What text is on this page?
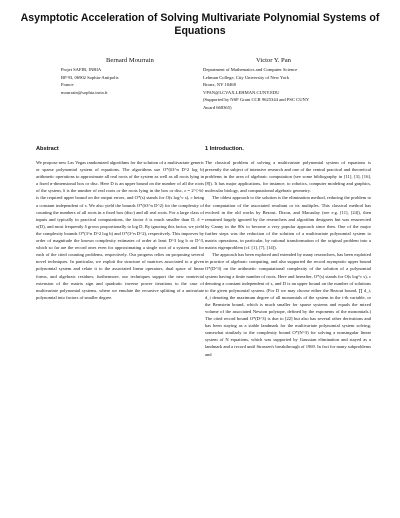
Asymptotic Acceleration of Solving Multivariate Polynomial Systems of Equations
Bernard Mourrain
Projet SAFIR, INRIA
BP 93, 06902 Sophia-Antipolis
France
mourrain@sophia.inria.fr
Victor Y. Pan
Department of Mathematics and Computer Science
Lehman College, City University of New York
Bronx, NY 10468
VPAN@LCVAX.LEHMAN.CUNY.EDU
(Supported by NSF Grant CCR 9625344 and PSC CUNY
Award 668365)
Abstract

We propose new Las Vegas randomized algorithms for the solution of a multivariate generic or sparse polynomial system of equations. The algorithms use O*(δ3^n D^2 log b) arithmetic operations to approximate all real roots of the system as well as all roots lying in a fixed n-dimensional box or disc. Here D is an upper bound on the number of all the roots of the system, δ is the number of real roots or the roots lying in the box or disc, ε = 2^{-b} is the required upper bound on the output errors, and O*(s) stands for O(s log^c s), c being a constant independent of s. We also yield the bounds O*(δ3^n D^2) for the complexity of counting the numbers of all roots in a fixed box (disc) and all real roots. For a large class of inputs and typically in practical computations, the factor δ is much smaller than D, δ = o(D), and most frequently δ grows proportionally to log D. By ignoring this factor, we yield the complexity bounds O*(3^n D^2 log b) and O*(3^n D^2), respectively. This improves by order of magnitude the known complexity estimates of order at least D^3 log b or D^3, which so far are the record ones even for approximating a single root of a system and for each of the cited counting problems, respectively. Our progress relies on proposing several novel techniques. In particular, we exploit the structure of matrices associated to a given polynomial system and relate it to the associated linear operators, dual space of linear forms, and algebraic residues; furthermore, our techniques support the new nontrivial extension of the matrix sign and quadratic inverse power iterations to the case of multivariate polynomial systems, where we emulate the recursive splitting of a univariate polynomial into factors of smaller degree.

1 Introduction.

The classical problem of solving a multivariate polynomial system of equations is presently the subject of intensive research and one of the central practical and theoretical problems in the area of algebraic computation (see some bibliography in [11], [3], [16], [8]). It has major applications, for instance, to robotics, computer modeling and graphics, molecular biology, and computational algebraic geometry.

The oldest approach to the solution is the elimination method, reducing the problem to the computation of the associated resultant or its multiples. This classical method has evolved in the old works by Bezout, Dixon, and Macaulay (see e.g. [11], [24]), then remained largely ignored by the researchers and algorithm designers but was resurrected by Canny in the 80s to become a very popular approach since then. One of the major further steps was the reduction of the solution of a multivariate polynomial system to matrix operations, in particular, by rational transformation of the original problem into a matrix eigenproblem (cf. [1], [7], [14]).

The approach has been explored and extended by many researchers, has been exploited in practice of algebraic computing, and also supported the record asymptotic upper bound O*(D^3) on the arithmetic computational complexity of the solution of a polynomial system having a finite number of roots. Here and hereafter, O*(s) stands for O(s log^c s), c denoting a constant independent of s, and D is an upper bound on the number of solutions to the given polynomial system. (For D we may choose either the Bezout bound, ∏ d_i, d_i denoting the maximum degree of all monomials of the system in the i-th variable, or the Bernstein bound, which is much smaller for sparse systems and equals the mixed volume of the associated Newton polytope, defined by the exponents of the monomials.) The cited record bound O*(D^3) is due to [22] but also has several other derivations and has been staying as a stable landmark for the multivariate polynomial system solving, somewhat similarly to the complexity bound O*(N^3) for solving a nonsingular linear system of N equations, which was supported by Gaussian elimination and stayed as a landmark and a record until Strassen's breakthrough of 1969. In fact for many subproblems and
